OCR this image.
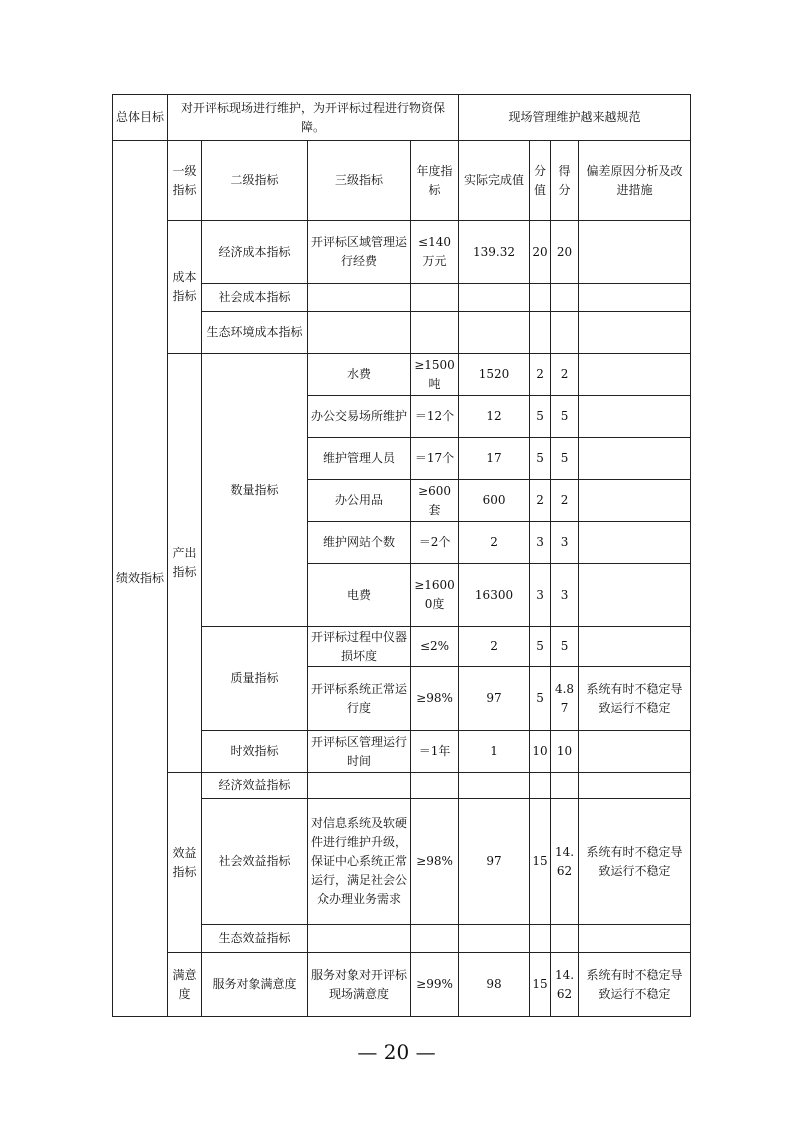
总体目标	对开评标现场进行维护，为开评标过程进行物资保障。				现场管理维护越来越规范			
绩效指标	一级指标	二级指标	三级指标	年度指标	实际完成值	分值	得分	偏差原因分析及改进措施
	成本指标	经济成本指标	开评标区域管理运行经费	≤140万元	139.32	20	20	
		社会成本指标						
		生态环境成本指标						
	产出指标	数量指标	水费	≥1500吨	1520	2	2	
			办公交易场所维护	＝12个	12	5	5	
			维护管理人员	＝17个	17	5	5	
			办公用品	≥600套	600	2	2	
			维护网站个数	＝2个	2	3	3	
			电费	≥16000度	16300	3	3	
		质量指标	开评标过程中仪器损坏度	≤2%	2	5	5	
			开评标系统正常运行度	≥98%	97	5	4.87	系统有时不稳定导致运行不稳定
		时效指标	开评标区管理运行时间	＝1年	1	10	10	
	效益指标	经济效益指标						
		社会效益指标	对信息系统及软硬件进行维护升级，保证中心系统正常运行，满足社会公众办理业务需求	≥98%	97	15	14.62	系统有时不稳定导致运行不稳定
		生态效益指标						
	满意度	服务对象满意度	服务对象对开评标现场满意度	≥99%	98	15	14.62	系统有时不稳定导致运行不稳定
— 20 —
